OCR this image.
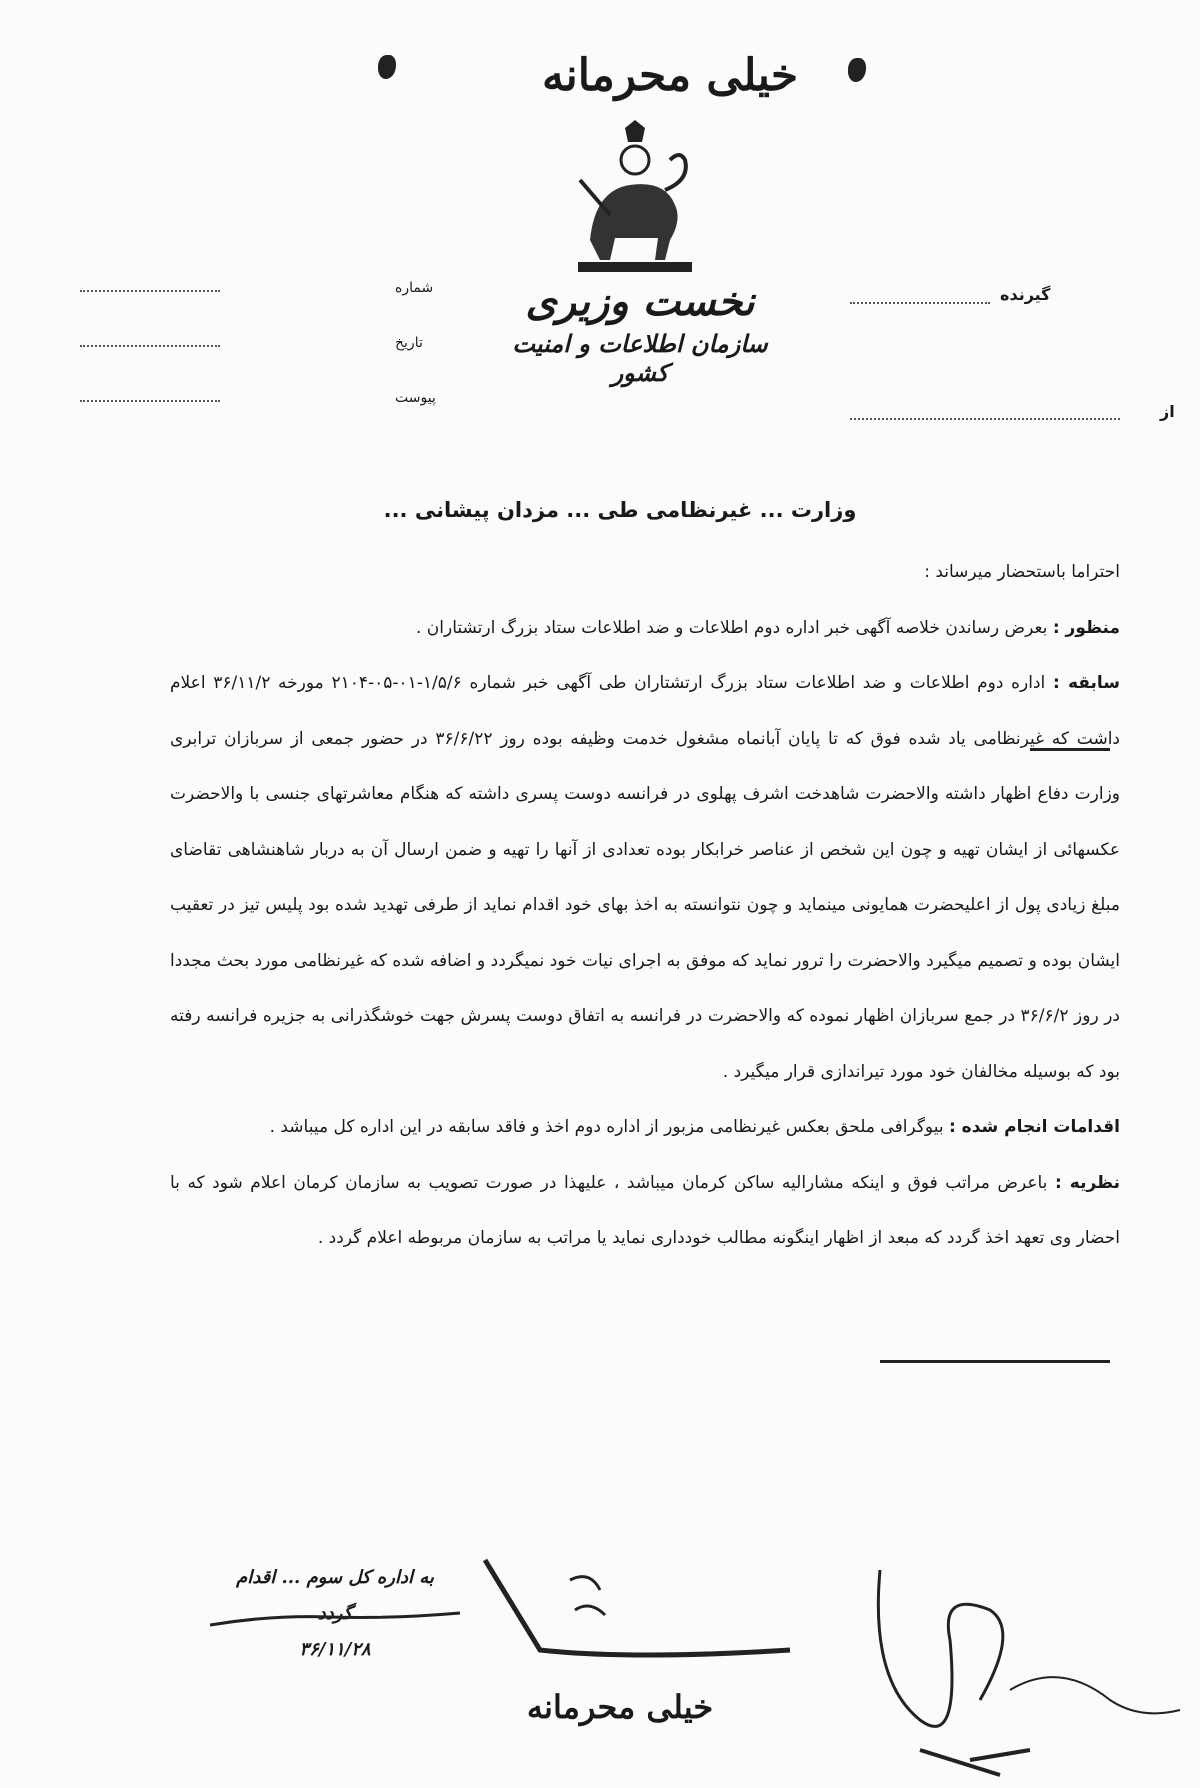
خیلی محرمانه
نخست وزیری
سازمان اطلاعات و امنیت کشور
شماره
تاریخ
پیوست
گیرنده
از
وزارت ... غیرنظامی طی ... مزدان پیشانی ...
احتراما باستحضار میرساند :
منظور : بعرض رساندن خلاصه آگهی خبر اداره دوم اطلاعات و ضد اطلاعات ستاد بزرگ ارتشتاران .
سابقه : اداره دوم اطلاعات و ضد اطلاعات ستاد بزرگ ارتشتاران طی آگهی خبر شماره ۱/۵/۶-۰۱-۰۵-۲۱۰۴ مورخه ۳۶/۱۱/۲ اعلام داشت که غیرنظامی یاد شده فوق که تا پایان آبانماه مشغول خدمت وظیفه بوده روز ۳۶/۶/۲۲ در حضور جمعی از سربازان ترابری وزارت دفاع اظهار داشته والاحضرت شاهدخت اشرف پهلوی در فرانسه دوست پسری داشته که هنگام معاشرتهای جنسی با والاحضرت عکسهائی از ایشان تهیه و چون این شخص از عناصر خرابکار بوده تعدادی از آنها را تهیه و ضمن ارسال آن به دربار شاهنشاهی تقاضای مبلغ زیادی پول از اعلیحضرت همایونی مینماید و چون نتوانسته به اخذ بهای خود اقدام نماید از طرفی تهدید شده بود پلیس تیز در تعقیب ایشان بوده و تصمیم میگیرد والاحضرت را ترور نماید که موفق به اجرای نیات خود نمیگردد و اضافه شده که غیرنظامی مورد بحث مجددا در روز ۳۶/۶/۲ در جمع سربازان اظهار نموده که والاحضرت در فرانسه به اتفاق دوست پسرش جهت خوشگذرانی به جزیره فرانسه رفته بود که بوسیله مخالفان خود مورد تیراندازی قرار میگیرد .
اقدامات انجام شده : بیوگرافی ملحق بعکس غیرنظامی مزبور از اداره دوم اخذ و فاقد سابقه در این اداره کل میباشد .
نظریه : باعرض مراتب فوق و اینکه مشارالیه ساکن کرمان میباشد ، علیهذا در صورت تصویب به سازمان کرمان اعلام شود که با احضار وی تعهد اخذ گردد که مبعد از اظهار اینگونه مطالب خودداری نماید یا مراتب به سازمان مربوطه اعلام گردد .
به اداره کل سوم ... اقدام گردد
۳۶/۱۱/۲۸
خیلی محرمانه
